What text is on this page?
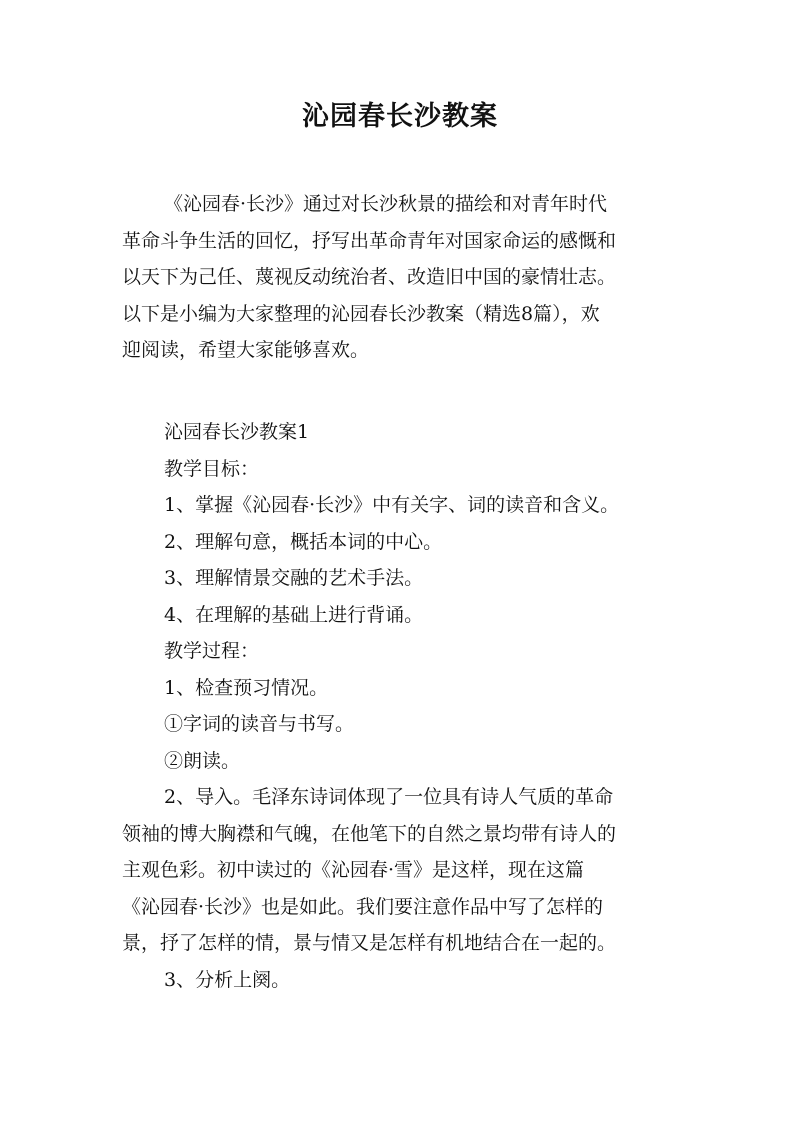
沁园春长沙教案
《沁园春·长沙》通过对长沙秋景的描绘和对青年时代
革命斗争生活的回忆，抒写出革命青年对国家命运的感慨和
以天下为己任、蔑视反动统治者、改造旧中国的豪情壮志。
以下是小编为大家整理的沁园春长沙教案（精选8篇），欢
迎阅读，希望大家能够喜欢。
沁园春长沙教案1
教学目标：
1、掌握《沁园春·长沙》中有关字、词的读音和含义。
2、理解句意，概括本词的中心。
3、理解情景交融的艺术手法。
4、在理解的基础上进行背诵。
教学过程：
1、检查预习情况。
①字词的读音与书写。
②朗读。
2、导入。毛泽东诗词体现了一位具有诗人气质的革命
领袖的博大胸襟和气魄，在他笔下的自然之景均带有诗人的
主观色彩。初中读过的《沁园春·雪》是这样，现在这篇
《沁园春·长沙》也是如此。我们要注意作品中写了怎样的
景，抒了怎样的情，景与情又是怎样有机地结合在一起的。
3、分析上阕。
